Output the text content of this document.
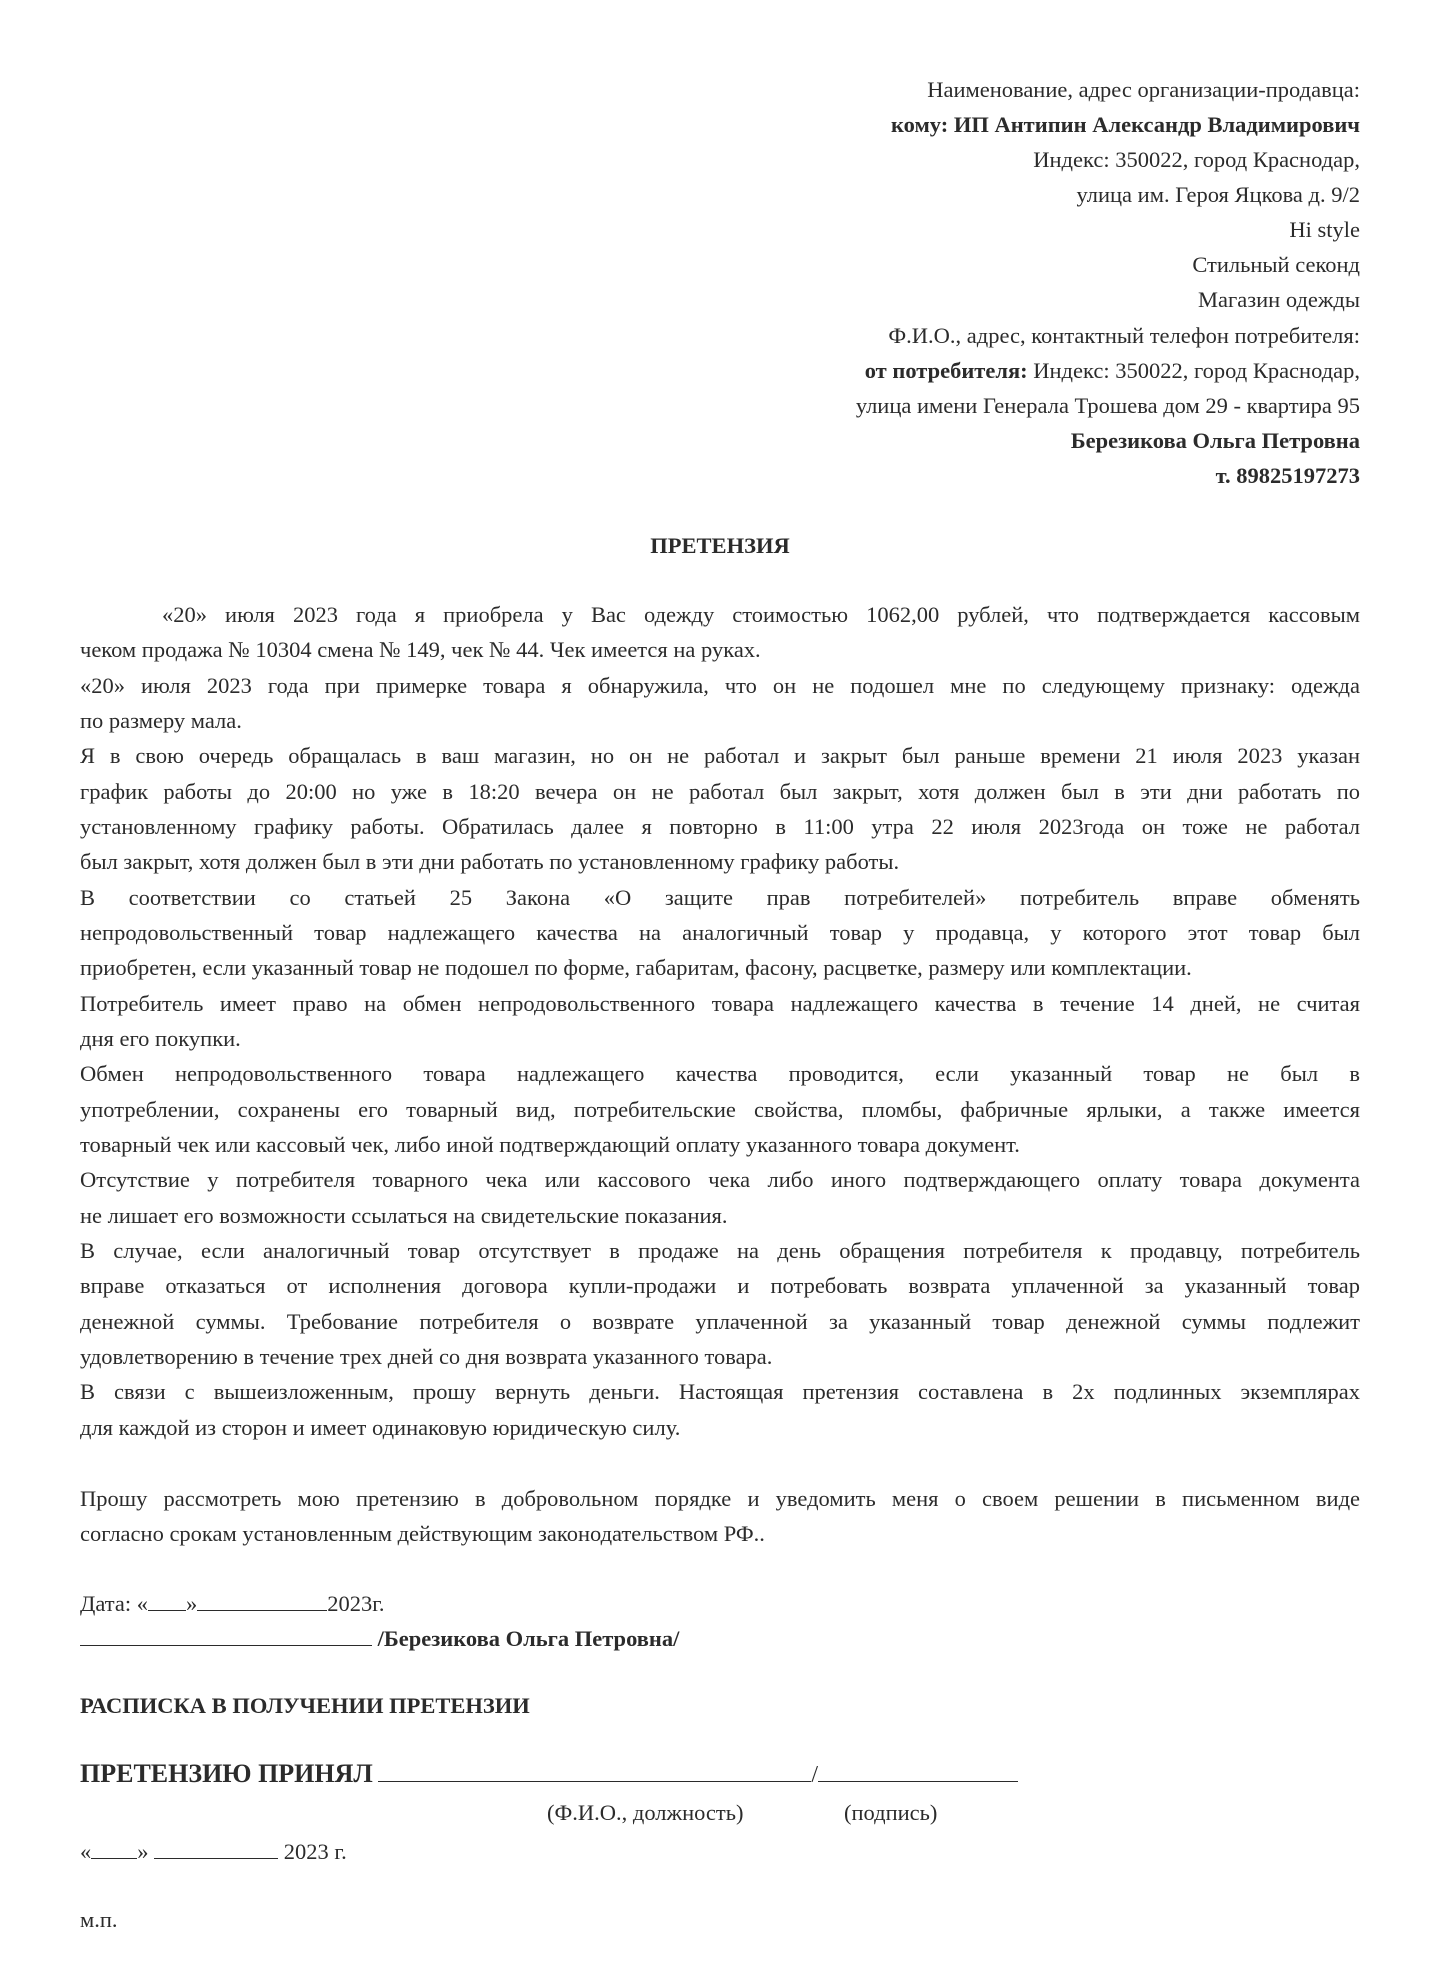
Наименование, адрес организации-продавца:
кому: ИП Антипин Александр Владимирович
Индекс: 350022, город Краснодар,
улица им. Героя Яцкова д. 9/2
Hi style
Стильный секонд
Магазин одежды
Ф.И.О., адрес, контактный телефон потребителя:
от потребителя: Индекс: 350022, город Краснодар,
улица имени Генерала Трошева дом 29 - квартира 95
Березикова Ольга Петровна
т. 89825197273
ПРЕТЕНЗИЯ
«20» июля 2023 года я приобрела у Вас одежду стоимостью 1062,00 рублей, что подтверждается кассовым
чеком продажа № 10304 смена № 149, чек № 44. Чек имеется на руках.
«20» июля 2023 года при примерке товара я обнаружила, что он не подошел мне по следующему признаку: одежда
по размеру мала.
Я в свою очередь обращалась в ваш магазин, но он не работал и закрыт был раньше времени 21 июля 2023 указан
график работы до 20:00 но уже в 18:20 вечера он не работал был закрыт, хотя должен был в эти дни работать по
установленному графику работы. Обратилась далее я повторно в 11:00 утра 22 июля 2023года он тоже не работал
был закрыт, хотя должен был в эти дни работать по установленному графику работы.
В соответствии со статьей 25 Закона «О защите прав потребителей» потребитель вправе обменять
непродовольственный товар надлежащего качества на аналогичный товар у продавца, у которого этот товар был
приобретен, если указанный товар не подошел по форме, габаритам, фасону, расцветке, размеру или комплектации.
Потребитель имеет право на обмен непродовольственного товара надлежащего качества в течение 14 дней, не считая
дня его покупки.
Обмен непродовольственного товара надлежащего качества проводится, если указанный товар не был в
употреблении, сохранены его товарный вид, потребительские свойства, пломбы, фабричные ярлыки, а также имеется
товарный чек или кассовый чек, либо иной подтверждающий оплату указанного товара документ.
Отсутствие у потребителя товарного чека или кассового чека либо иного подтверждающего оплату товара документа
не лишает его возможности ссылаться на свидетельские показания.
В случае, если аналогичный товар отсутствует в продаже на день обращения потребителя к продавцу, потребитель
вправе отказаться от исполнения договора купли-продажи и потребовать возврата уплаченной за указанный товар
денежной суммы. Требование потребителя о возврате уплаченной за указанный товар денежной суммы подлежит
удовлетворению в течение трех дней со дня возврата указанного товара.
В связи с вышеизложенным, прошу вернуть деньги. Настоящая претензия составлена в 2х подлинных экземплярах
для каждой из сторон и имеет одинаковую юридическую силу.
Прошу рассмотреть мою претензию в добровольном порядке и уведомить меня о своем решении в письменном виде
согласно срокам установленным действующим законодательством РФ..
Дата: « »	2023г.
/Березикова Ольга Петровна/
РАСПИСКА В ПОЛУЧЕНИИ ПРЕТЕНЗИИ
ПРЕТЕНЗИЮ ПРИНЯЛ	/
(Ф.И.О., должность)	(подпись)
« »	2023 г.
м.п.
